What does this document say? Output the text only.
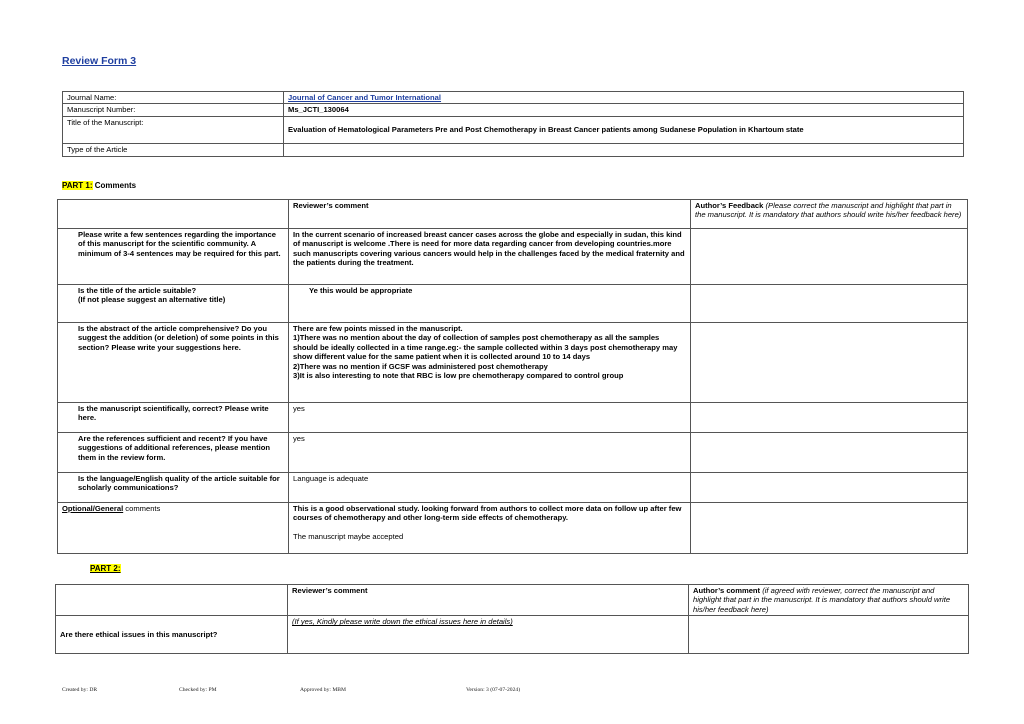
Review Form 3
Journal Name:	Journal of Cancer and Tumor International
Manuscript Number:	Ms_JCTI_130064
Title of the Manuscript:	Evaluation of Hematological Parameters Pre and Post Chemotherapy in Breast Cancer patients among Sudanese Population in Khartoum state
Type of the Article	
PART 1: Comments
	Reviewer’s comment	Author’s Feedback (Please correct the manuscript and highlight that part in the manuscript. It is mandatory that authors should write his/her feedback here)
Please write a few sentences regarding the importance of this manuscript for the scientific community. A minimum of 3-4 sentences may be required for this part.	In the current scenario of increased breast cancer cases across the globe and especially in sudan, this kind of manuscript is welcome .There is need for more data regarding cancer from developing countries.more such manuscripts covering various cancers would help in the challenges faced by the medical fraternity and the patients during the treatment.	

Is the title of the article suitable?
(If not please suggest an alternative title)	Ye this would be appropriate	
Is the abstract of the article comprehensive? Do you suggest the addition (or deletion) of some points in this section? Please write your suggestions here.	There are few points missed in the manuscript.
1)There was no mention about the day of collection of samples post chemotherapy as all the samples should be ideally collected in a time range.eg:- the sample collected within 3 days post chemotherapy may show different value for the same patient when it is collected around 10 to 14 days
2)There was no mention if GCSF was administered post chemotherapy
3)It is also interesting to note that RBC is low pre chemotherapy compared to control group	

Is the manuscript scientifically, correct? Please write here.	yes	
Are the references sufficient and recent? If you have suggestions of additional references, please mention them in the review form.	yes	
Is the language/English quality of the article suitable for scholarly communications?	Language is adequate	
Optional/General comments	This is a good observational study. looking forward from authors to collect more data on follow up after few courses of chemotherapy and other long-term side effects of chemotherapy.
The manuscript maybe accepted	

PART 2:
	Reviewer’s comment	Author’s comment (if agreed with reviewer, correct the manuscript and highlight that part in the manuscript. It is mandatory that authors should write his/her feedback here)
Are there ethical issues in this manuscript?	(If yes, Kindly please write down the ethical issues here in details)	
Created by: DR	Checked by: PM	Approved by: MBM	Version: 3 (07-07-2024)
